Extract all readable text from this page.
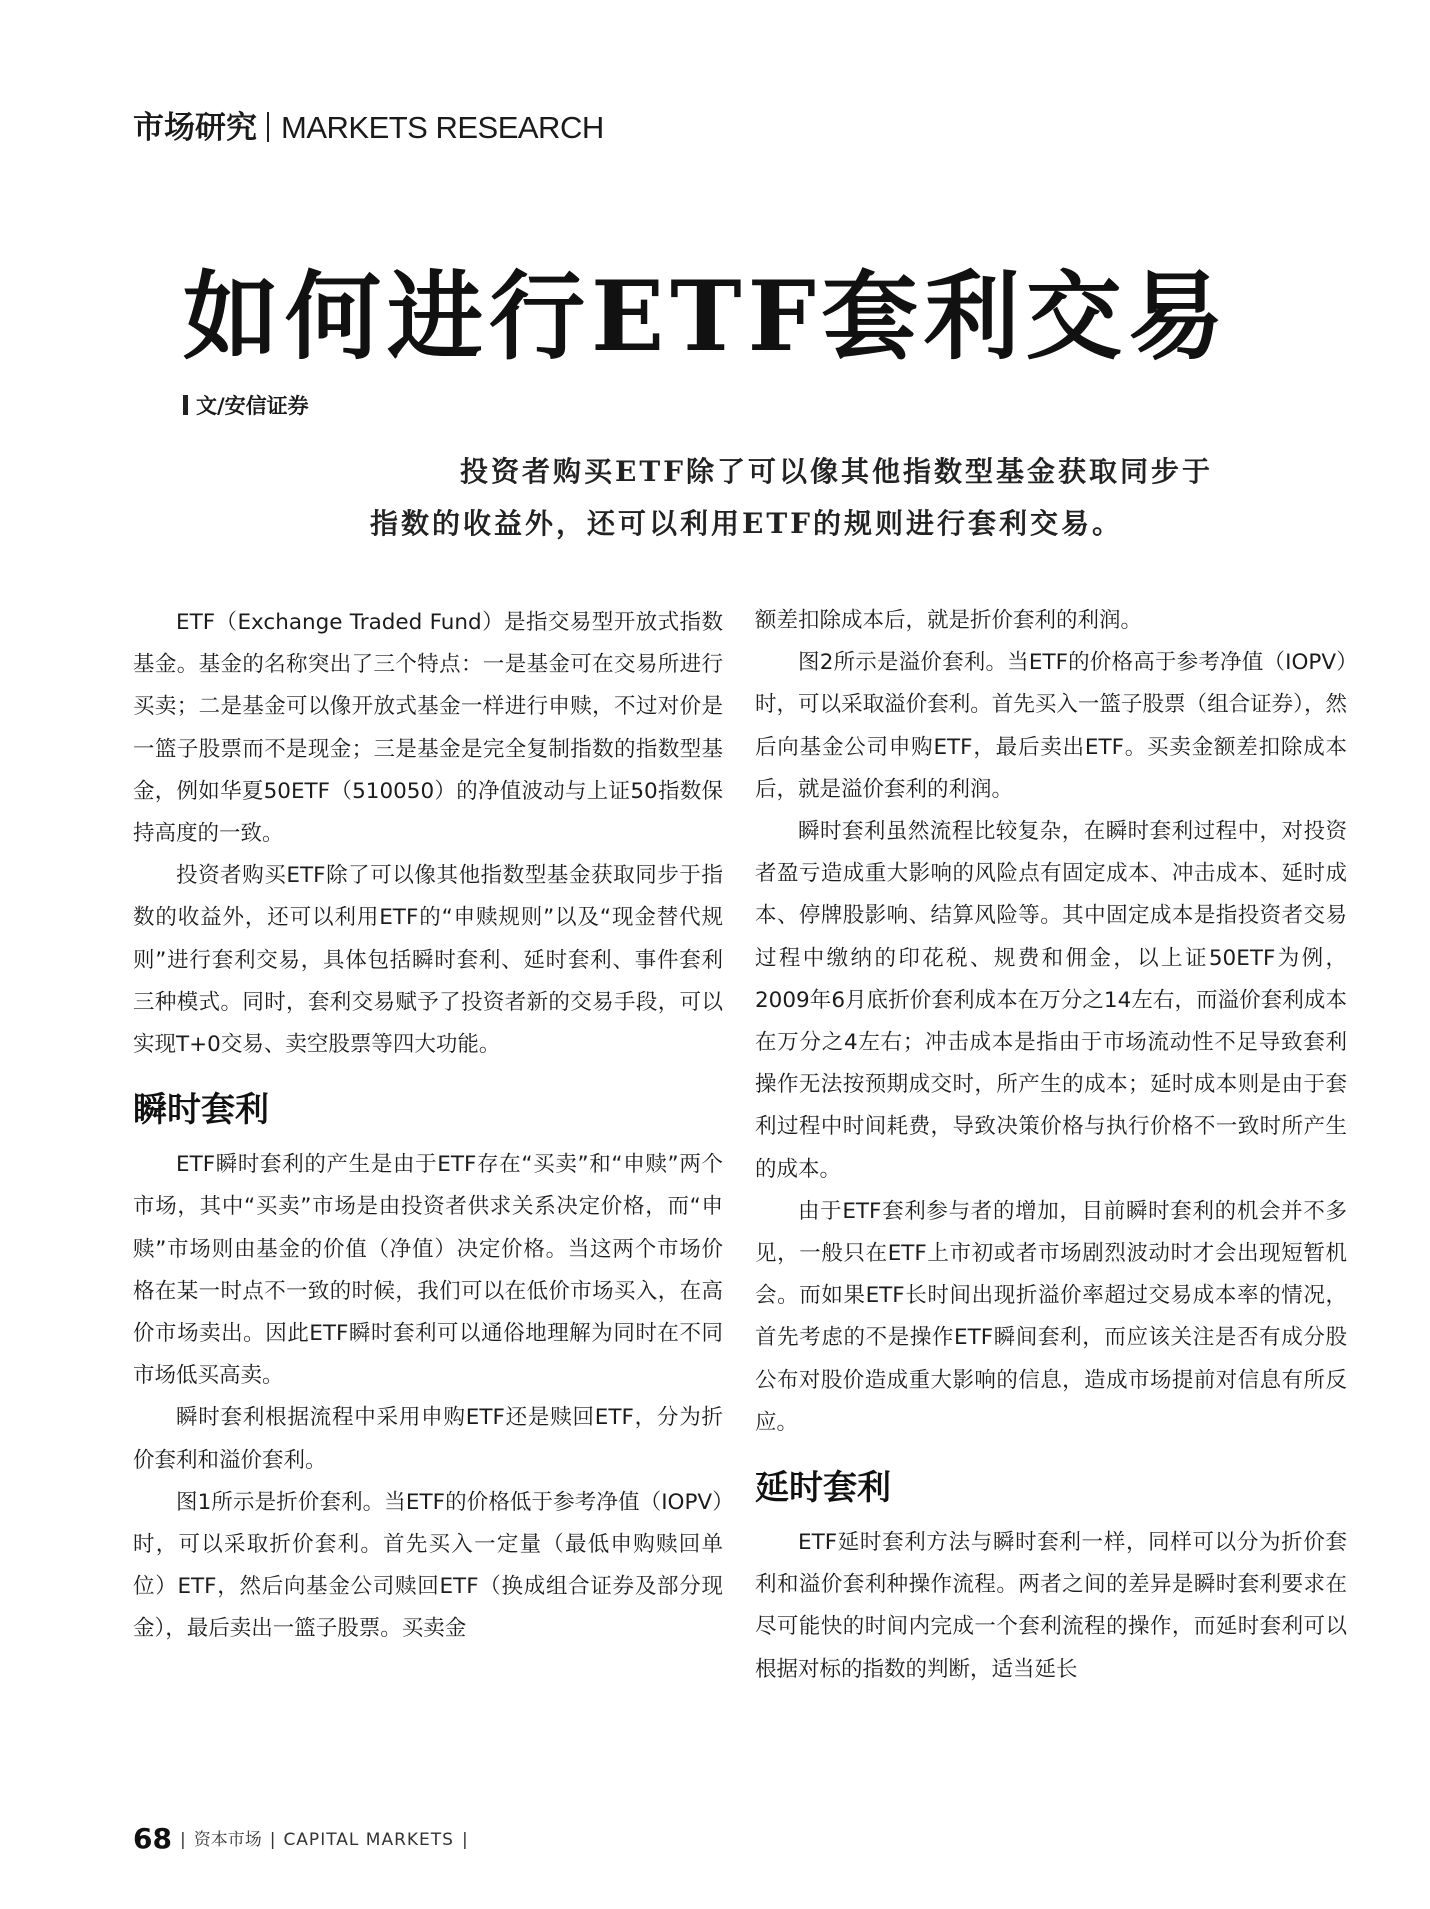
市场研究 MARKETS RESEARCH
如何进行ETF套利交易
文/安信证券
投资者购买ETF除了可以像其他指数型基金获取同步于
指数的收益外，还可以利用ETF的规则进行套利交易。

ETF（Exchange Traded Fund）是指交易型开放式指数基金。基金的名称突出了三个特点：一是基金可在交易所进行买卖；二是基金可以像开放式基金一样进行申赎，不过对价是一篮子股票而不是现金；三是基金是完全复制指数的指数型基金，例如华夏50ETF（510050）的净值波动与上证50指数保持高度的一致。

投资者购买ETF除了可以像其他指数型基金获取同步于指数的收益外，还可以利用ETF的“申赎规则”以及“现金替代规则”进行套利交易，具体包括瞬时套利、延时套利、事件套利三种模式。同时，套利交易赋予了投资者新的交易手段，可以实现T+0交易、卖空股票等四大功能。

瞬时套利

ETF瞬时套利的产生是由于ETF存在“买卖”和“申赎”两个市场，其中“买卖”市场是由投资者供求关系决定价格，而“申赎”市场则由基金的价值（净值）决定价格。当这两个市场价格在某一时点不一致的时候，我们可以在低价市场买入，在高价市场卖出。因此ETF瞬时套利可以通俗地理解为同时在不同市场低买高卖。

瞬时套利根据流程中采用申购ETF还是赎回ETF，分为折价套利和溢价套利。

图1所示是折价套利。当ETF的价格低于参考净值（IOPV）时，可以采取折价套利。首先买入一定量（最低申购赎回单位）ETF，然后向基金公司赎回ETF（换成组合证券及部分现金），最后卖出一篮子股票。买卖金

额差扣除成本后，就是折价套利的利润。

图2所示是溢价套利。当ETF的价格高于参考净值（IOPV）时，可以采取溢价套利。首先买入一篮子股票（组合证券），然后向基金公司申购ETF，最后卖出ETF。买卖金额差扣除成本后，就是溢价套利的利润。

瞬时套利虽然流程比较复杂，在瞬时套利过程中，对投资者盈亏造成重大影响的风险点有固定成本、冲击成本、延时成本、停牌股影响、结算风险等。其中固定成本是指投资者交易过程中缴纳的印花税、规费和佣金，以上证50ETF为例，2009年6月底折价套利成本在万分之14左右，而溢价套利成本在万分之4左右；冲击成本是指由于市场流动性不足导致套利操作无法按预期成交时，所产生的成本；延时成本则是由于套利过程中时间耗费，导致决策价格与执行价格不一致时所产生的成本。

由于ETF套利参与者的增加，目前瞬时套利的机会并不多见，一般只在ETF上市初或者市场剧烈波动时才会出现短暂机会。而如果ETF长时间出现折溢价率超过交易成本率的情况，首先考虑的不是操作ETF瞬间套利，而应该关注是否有成分股公布对股价造成重大影响的信息，造成市场提前对信息有所反应。

延时套利

ETF延时套利方法与瞬时套利一样，同样可以分为折价套利和溢价套利种操作流程。两者之间的差异是瞬时套利要求在尽可能快的时间内完成一个套利流程的操作，而延时套利可以根据对标的指数的判断，适当延长

68 | 资本市场 | CAPITAL MARKETS |
